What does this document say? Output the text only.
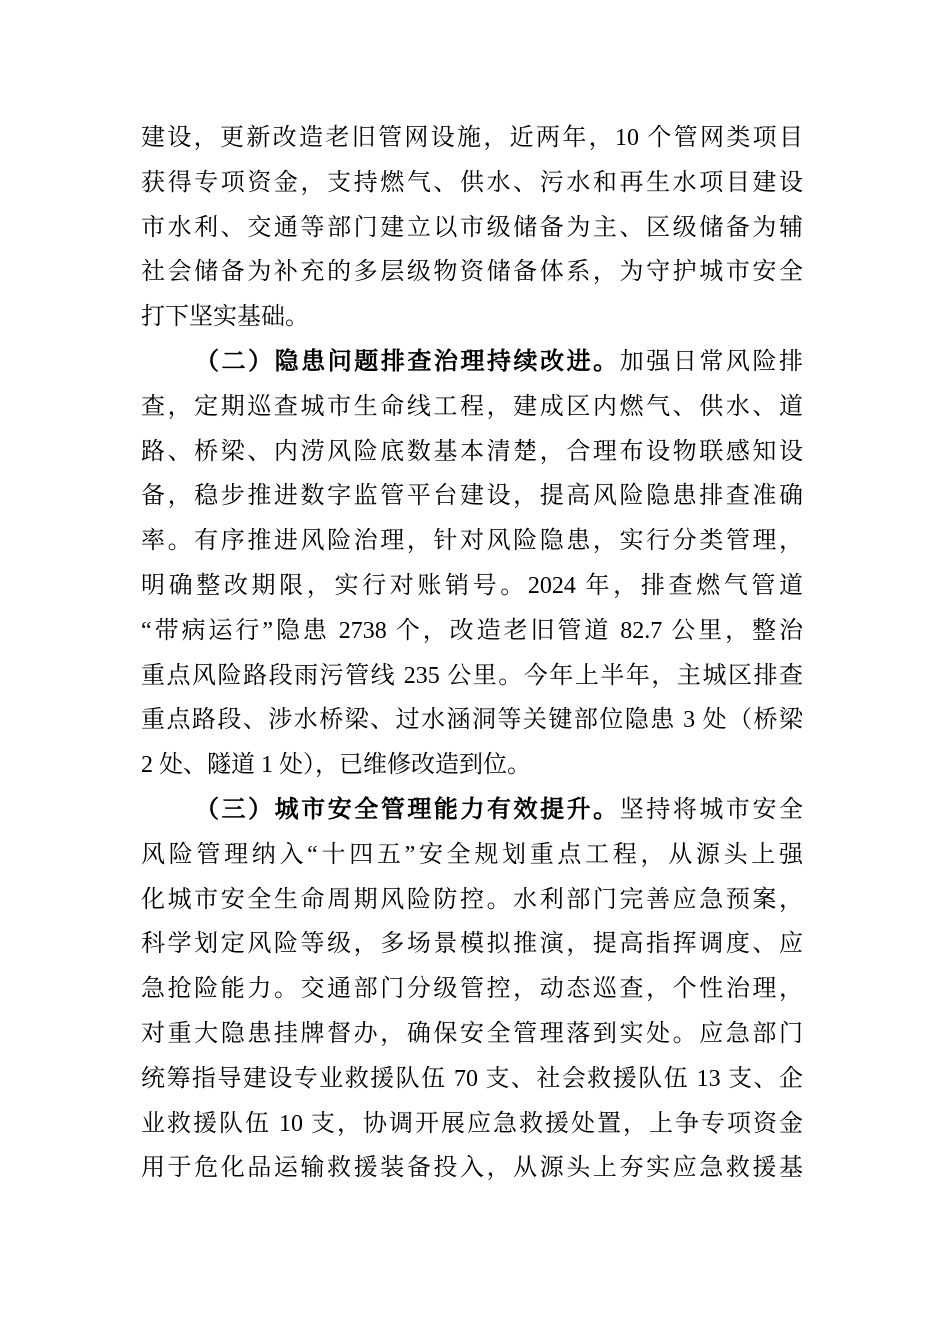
建设，更新改造老旧管网设施，近两年，10 个管网类项目
获得专项资金，支持燃气、供水、污水和再生水项目建设
市水利、交通等部门建立以市级储备为主、区级储备为辅
社会储备为补充的多层级物资储备体系，为守护城市安全
打下坚实基础。
（二）隐患问题排查治理持续改进。加强日常风险排
查，定期巡查城市生命线工程，建成区内燃气、供水、道
路、桥梁、内涝风险底数基本清楚，合理布设物联感知设
备，稳步推进数字监管平台建设，提高风险隐患排查准确
率。有序推进风险治理，针对风险隐患，实行分类管理，
明确整改期限，实行对账销号。2024 年，排查燃气管道
“带病运行”隐患 2738 个，改造老旧管道 82.7 公里，整治
重点风险路段雨污管线 235 公里。今年上半年，主城区排查
重点路段、涉水桥梁、过水涵洞等关键部位隐患 3 处（桥梁
2 处、隧道 1 处），已维修改造到位。
（三）城市安全管理能力有效提升。坚持将城市安全
风险管理纳入“十四五”安全规划重点工程，从源头上强
化城市安全生命周期风险防控。水利部门完善应急预案，
科学划定风险等级，多场景模拟推演，提高指挥调度、应
急抢险能力。交通部门分级管控，动态巡查，个性治理，
对重大隐患挂牌督办，确保安全管理落到实处。应急部门
统筹指导建设专业救援队伍 70 支、社会救援队伍 13 支、企
业救援队伍 10 支，协调开展应急救援处置，上争专项资金
用于危化品运输救援装备投入，从源头上夯实应急救援基
